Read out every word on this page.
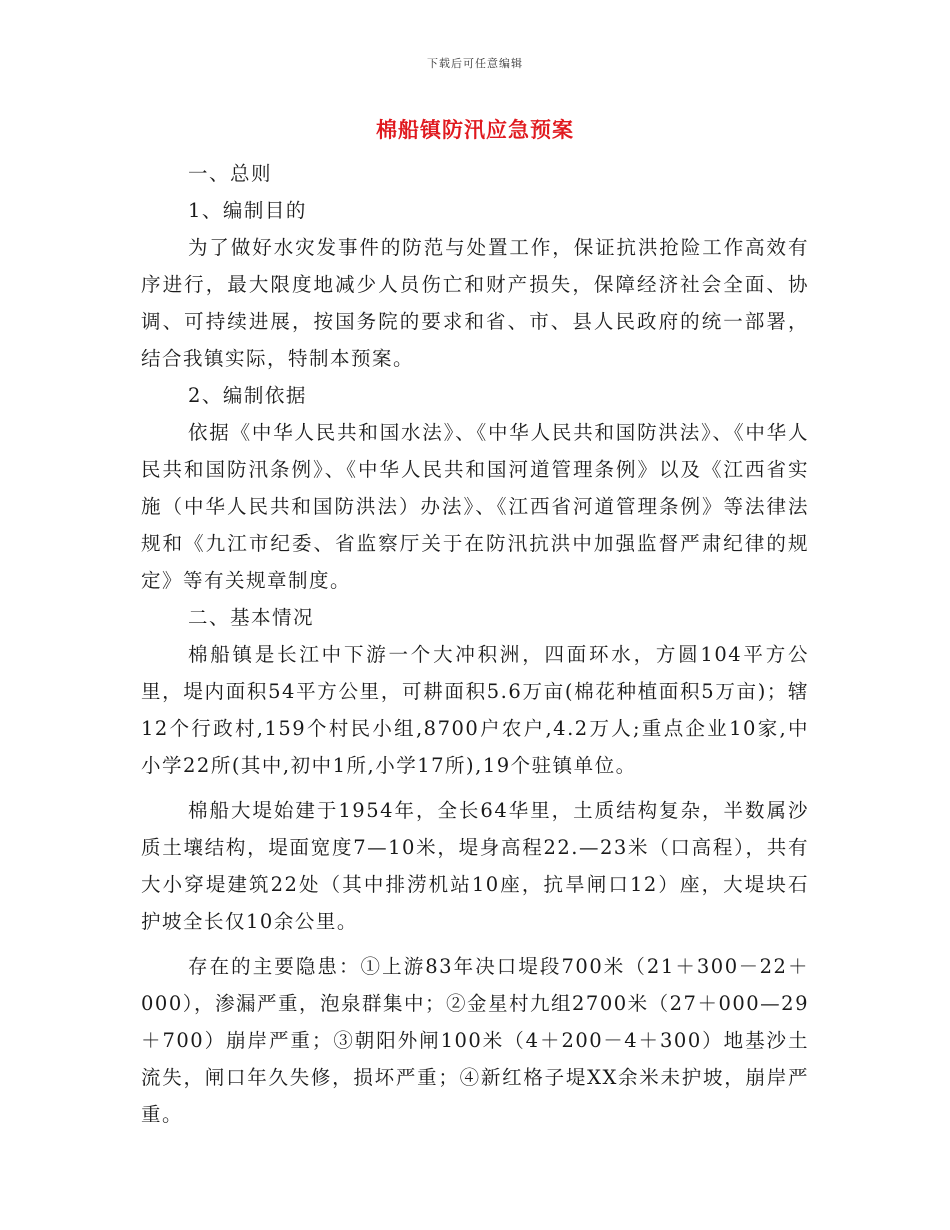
下载后可任意编辑
棉船镇防汛应急预案

一、总则

1、编制目的

为了做好水灾发事件的防范与处置工作，保证抗洪抢险工作高效有序进行，最大限度地减少人员伤亡和财产损失，保障经济社会全面、协调、可持续进展，按国务院的要求和省、市、县人民政府的统一部署，结合我镇实际，特制本预案。

2、编制依据

依据《中华人民共和国水法》、《中华人民共和国防洪法》、《中华人民共和国防汛条例》、《中华人民共和国河道管理条例》以及《江西省实施（中华人民共和国防洪法）办法》、《江西省河道管理条例》等法律法规和《九江市纪委、省监察厅关于在防汛抗洪中加强监督严肃纪律的规定》等有关规章制度。

二、基本情况

棉船镇是长江中下游一个大冲积洲，四面环水，方圆104平方公里，堤内面积54平方公里，可耕面积5.6万亩(棉花种植面积5万亩)；辖12个行政村,159个村民小组,8700户农户,4.2万人;重点企业10家,中小学22所(其中,初中1所,小学17所),19个驻镇单位。

棉船大堤始建于1954年，全长64华里，土质结构复杂，半数属沙质土壤结构，堤面宽度7—10米，堤身高程22.—23米（口高程），共有大小穿堤建筑22处（其中排涝机站10座，抗旱闸口12）座，大堤块石护坡全长仅10余公里。

存在的主要隐患：①上游83年决口堤段700米（21＋300－22＋000），渗漏严重，泡泉群集中；②金星村九组2700米（27＋000—29＋700）崩岸严重；③朝阳外闸100米（4＋200－4＋300）地基沙土流失，闸口年久失修，损坏严重；④新红格子堤XX余米未护坡，崩岸严重。
